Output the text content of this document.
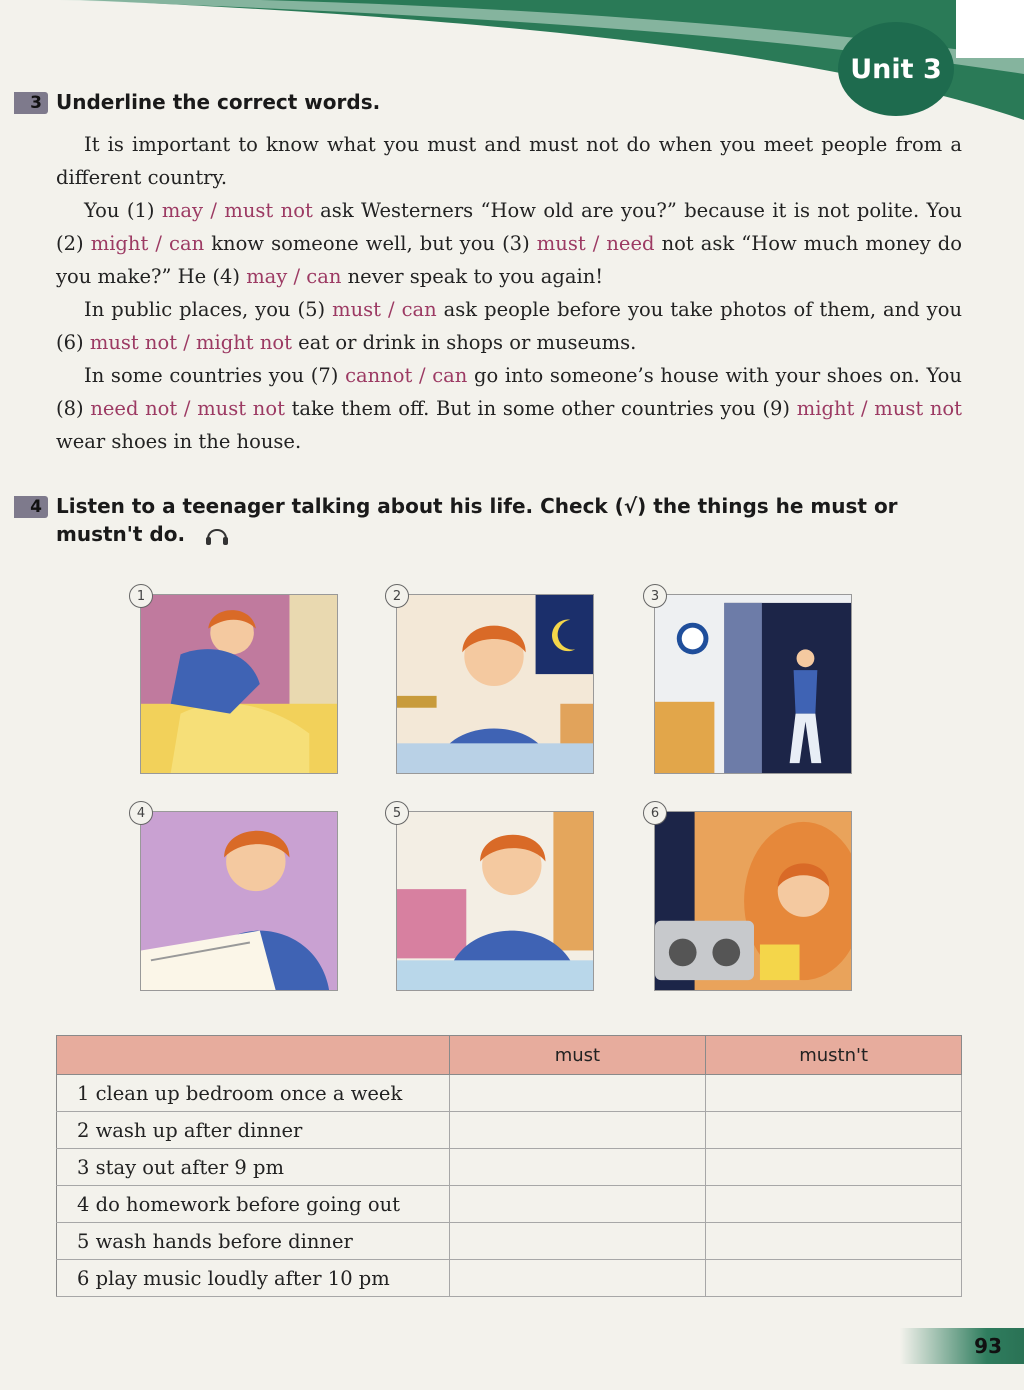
Unit 3
3 Underline the correct words.

It is important to know what you must and must not do when you meet people from a different country.

You (1) may / must not ask Westerners “How old are you?” because it is not polite. You (2) might / can know someone well, but you (3) must / need not ask “How much money do you make?” He (4) may / can never speak to you again!

In public places, you (5) must / can ask people before you take photos of them, and you (6) must not / might not eat or drink in shops or museums.

In some countries you (7) cannot / can go into someone’s house with your shoes on. You (8) need not / must not take them off. But in some other countries you (9) might / must not wear shoes in the house.

4 Listen to a teenager talking about his life. Check (√) the things he must or
mustn't do.
1	2	3
4	5	6
	must	mustn't
1 clean up bedroom once a week		
2 wash up after dinner		
3 stay out after 9 pm		
4 do homework before going out		
5 wash hands before dinner		
6 play music loudly after 10 pm		
93
